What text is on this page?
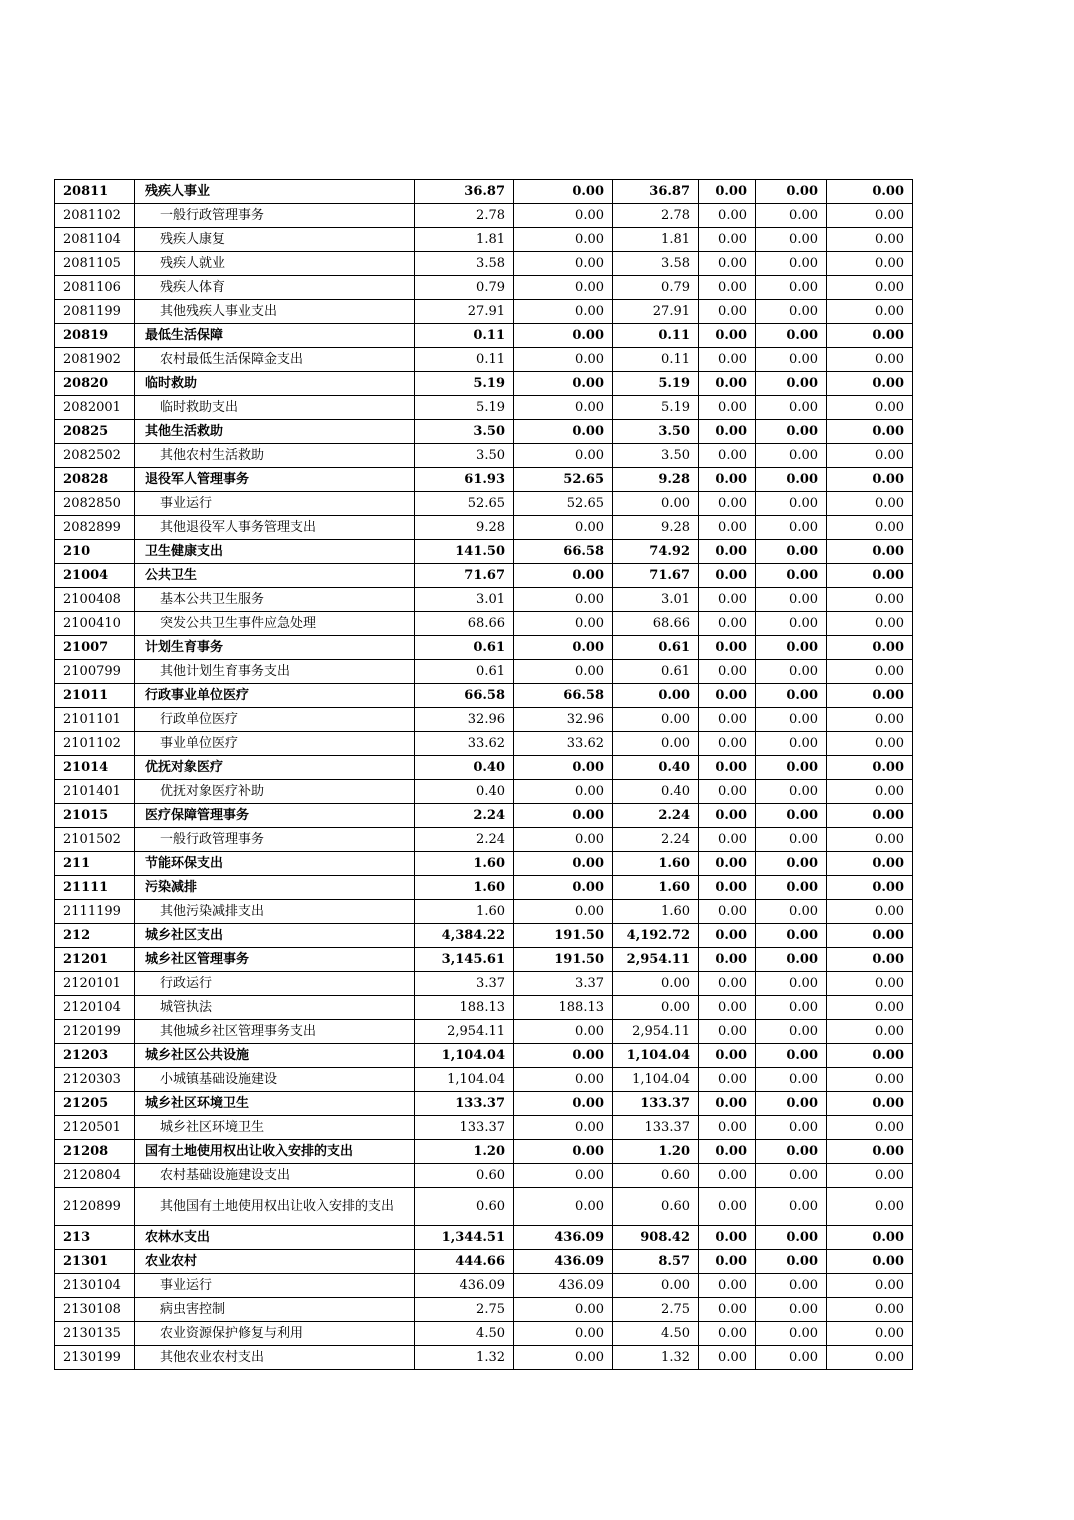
20811	残疾人事业	36.87	0.00	36.87	0.00	0.00	0.00
2081102	一般行政管理事务	2.78	0.00	2.78	0.00	0.00	0.00
2081104	残疾人康复	1.81	0.00	1.81	0.00	0.00	0.00
2081105	残疾人就业	3.58	0.00	3.58	0.00	0.00	0.00
2081106	残疾人体育	0.79	0.00	0.79	0.00	0.00	0.00
2081199	其他残疾人事业支出	27.91	0.00	27.91	0.00	0.00	0.00
20819	最低生活保障	0.11	0.00	0.11	0.00	0.00	0.00
2081902	农村最低生活保障金支出	0.11	0.00	0.11	0.00	0.00	0.00
20820	临时救助	5.19	0.00	5.19	0.00	0.00	0.00
2082001	临时救助支出	5.19	0.00	5.19	0.00	0.00	0.00
20825	其他生活救助	3.50	0.00	3.50	0.00	0.00	0.00
2082502	其他农村生活救助	3.50	0.00	3.50	0.00	0.00	0.00
20828	退役军人管理事务	61.93	52.65	9.28	0.00	0.00	0.00
2082850	事业运行	52.65	52.65	0.00	0.00	0.00	0.00
2082899	其他退役军人事务管理支出	9.28	0.00	9.28	0.00	0.00	0.00
210	卫生健康支出	141.50	66.58	74.92	0.00	0.00	0.00
21004	公共卫生	71.67	0.00	71.67	0.00	0.00	0.00
2100408	基本公共卫生服务	3.01	0.00	3.01	0.00	0.00	0.00
2100410	突发公共卫生事件应急处理	68.66	0.00	68.66	0.00	0.00	0.00
21007	计划生育事务	0.61	0.00	0.61	0.00	0.00	0.00
2100799	其他计划生育事务支出	0.61	0.00	0.61	0.00	0.00	0.00
21011	行政事业单位医疗	66.58	66.58	0.00	0.00	0.00	0.00
2101101	行政单位医疗	32.96	32.96	0.00	0.00	0.00	0.00
2101102	事业单位医疗	33.62	33.62	0.00	0.00	0.00	0.00
21014	优抚对象医疗	0.40	0.00	0.40	0.00	0.00	0.00
2101401	优抚对象医疗补助	0.40	0.00	0.40	0.00	0.00	0.00
21015	医疗保障管理事务	2.24	0.00	2.24	0.00	0.00	0.00
2101502	一般行政管理事务	2.24	0.00	2.24	0.00	0.00	0.00
211	节能环保支出	1.60	0.00	1.60	0.00	0.00	0.00
21111	污染减排	1.60	0.00	1.60	0.00	0.00	0.00
2111199	其他污染减排支出	1.60	0.00	1.60	0.00	0.00	0.00
212	城乡社区支出	4,384.22	191.50	4,192.72	0.00	0.00	0.00
21201	城乡社区管理事务	3,145.61	191.50	2,954.11	0.00	0.00	0.00
2120101	行政运行	3.37	3.37	0.00	0.00	0.00	0.00
2120104	城管执法	188.13	188.13	0.00	0.00	0.00	0.00
2120199	其他城乡社区管理事务支出	2,954.11	0.00	2,954.11	0.00	0.00	0.00
21203	城乡社区公共设施	1,104.04	0.00	1,104.04	0.00	0.00	0.00
2120303	小城镇基础设施建设	1,104.04	0.00	1,104.04	0.00	0.00	0.00
21205	城乡社区环境卫生	133.37	0.00	133.37	0.00	0.00	0.00
2120501	城乡社区环境卫生	133.37	0.00	133.37	0.00	0.00	0.00
21208	国有土地使用权出让收入安排的支出	1.20	0.00	1.20	0.00	0.00	0.00
2120804	农村基础设施建设支出	0.60	0.00	0.60	0.00	0.00	0.00
2120899	其他国有土地使用权出让收入安排的支出	0.60	0.00	0.60	0.00	0.00	0.00
213	农林水支出	1,344.51	436.09	908.42	0.00	0.00	0.00
21301	农业农村	444.66	436.09	8.57	0.00	0.00	0.00
2130104	事业运行	436.09	436.09	0.00	0.00	0.00	0.00
2130108	病虫害控制	2.75	0.00	2.75	0.00	0.00	0.00
2130135	农业资源保护修复与利用	4.50	0.00	4.50	0.00	0.00	0.00
2130199	其他农业农村支出	1.32	0.00	1.32	0.00	0.00	0.00
